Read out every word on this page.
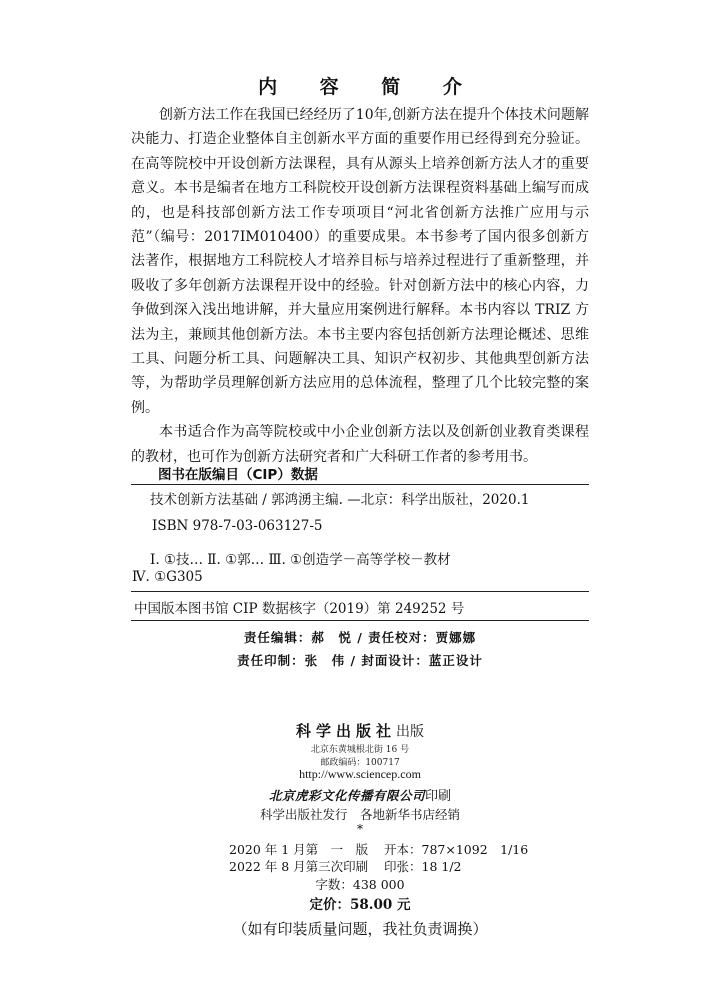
内 容 简 介

创新方法工作在我国已经经历了10年,创新方法在提升个体技术问题解决能力、打造企业整体自主创新水平方面的重要作用已经得到充分验证。在高等院校中开设创新方法课程，具有从源头上培养创新方法人才的重要意义。本书是编者在地方工科院校开设创新方法课程资料基础上编写而成的，也是科技部创新方法工作专项项目“河北省创新方法推广应用与示范”（编号：2017IM010400）的重要成果。本书参考了国内很多创新方法著作，根据地方工科院校人才培养目标与培养过程进行了重新整理，并吸收了多年创新方法课程开设中的经验。针对创新方法中的核心内容，力争做到深入浅出地讲解，并大量应用案例进行解释。本书内容以 TRIZ 方法为主，兼顾其他创新方法。本书主要内容包括创新方法理论概述、思维工具、问题分析工具、问题解决工具、知识产权初步、其他典型创新方法等，为帮助学员理解创新方法应用的总体流程，整理了几个比较完整的案例。

本书适合作为高等院校或中小企业创新方法以及创新创业教育类课程的教材，也可作为创新方法研究者和广大科研工作者的参考用书。

图书在版编目（CIP）数据
技术创新方法基础 / 郭鸿湧主编. —北京：科学出版社，2020.1
ISBN 978-7-03-063127-5
Ⅰ. ①技… Ⅱ. ①郭… Ⅲ. ①创造学－高等学校－教材
Ⅳ. ①G305
中国版本图书馆 CIP 数据核字（2019）第 249252 号
责任编辑：郝　悦 / 责任校对：贾娜娜
责任印制：张　伟 / 封面设计：蓝正设计
科学出版社出版
北京东黄城根北街 16 号
邮政编码：100717
http://www.sciencep.com
北京虎彩文化传播有限公司印刷
科学出版社发行　各地新华书店经销
*
2020 年 1 月第　一　版 开本：787×1092　1/16
2022 年 8 月第三次印刷 印张：18 1/2
字数：438 000
定价：58.00 元
（如有印装质量问题，我社负责调换）
